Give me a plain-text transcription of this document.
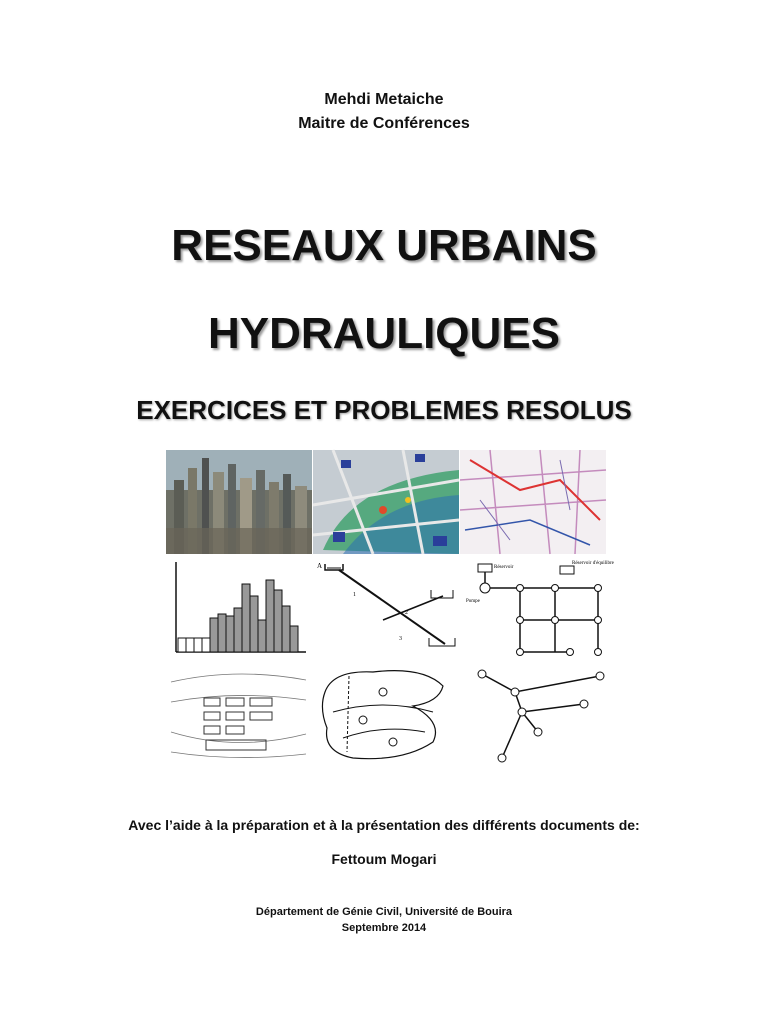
Mehdi Metaiche
Maitre de Conférences
RESEAUX URBAINS
HYDRAULIQUES
EXERCICES ET PROBLEMES RESOLUS
A
1
2
3
Réservoir
Réservoir d'équilibre
Pompe
Avec l’aide à la préparation et à la présentation des différents documents de:
Fettoum Mogari
Département de Génie Civil, Université de Bouira
Septembre 2014
